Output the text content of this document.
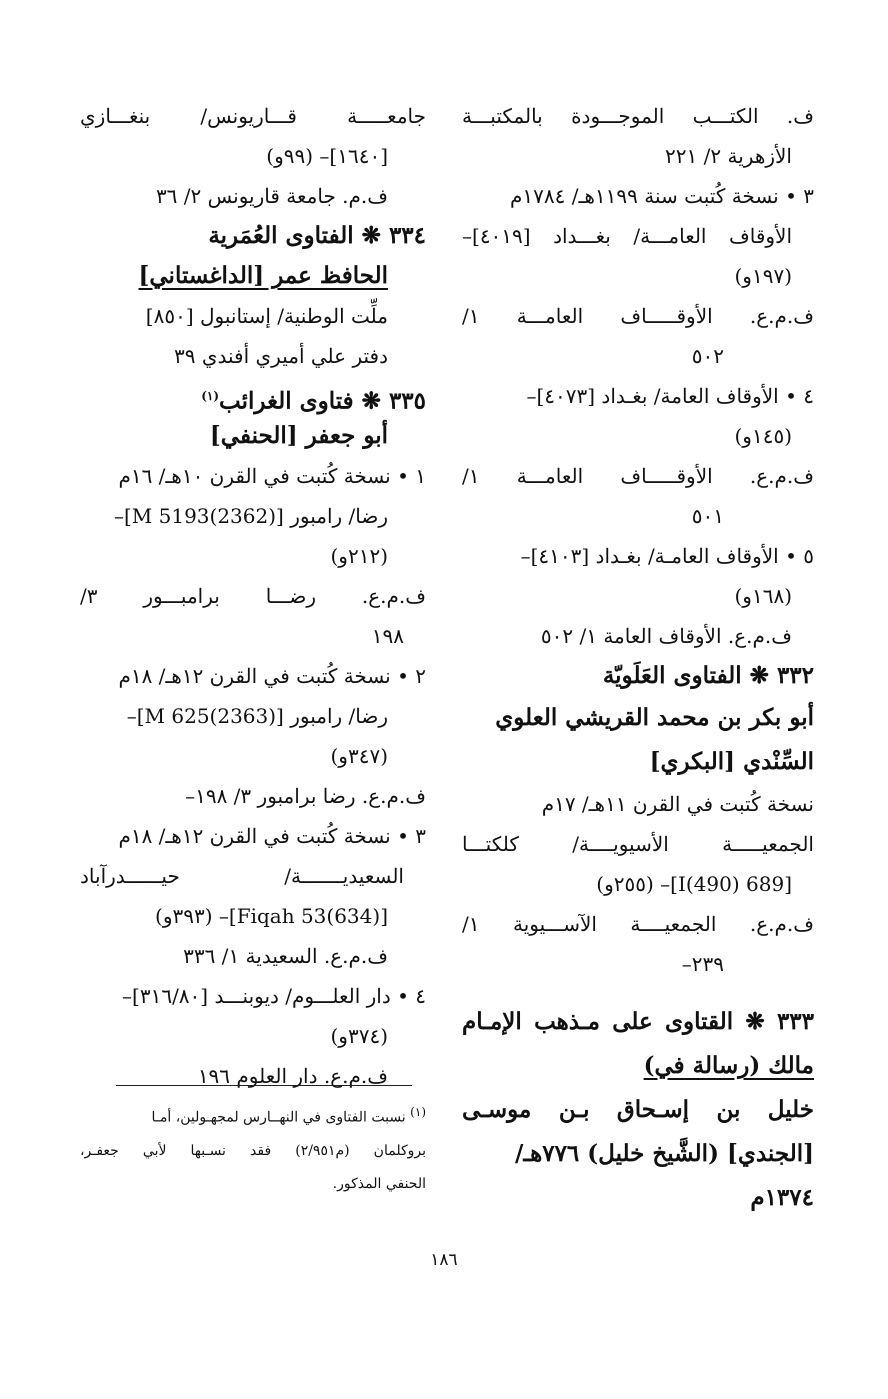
ف. الكتـــب الموجـــودة بالمكتبـــة
الأزهرية ٢/ ٢٢١
٣ • نسخة كُتبت سنة ١١٩٩هـ/ ١٧٨٤م
الأوقاف العامـــة/ بغـــداد [٤٠١٩]–
(١٩٧و)
ف.م.ع. الأوقـــــاف العامـــة ١/
٥٠٢
٤ • الأوقاف العامة/ بغـداد [٤٠٧٣]–
(١٤٥و)
ف.م.ع. الأوقـــــاف العامـــة ١/
٥٠١
٥ • الأوقاف العامـة/ بغـداد [٤١٠٣]–
(١٦٨و)
ف.م.ع. الأوقاف العامة ١/ ٥٠٢
٣٣٢ ❋ الفتاوى العَلَويّة
أبو بكر بن محمد القريشي العلوي
السِّنْدي [البكري]
نسخة كُتبت في القرن ١١هـ/ ١٧م
الجمعيـــــة الأسيويــــة/ كلكتـــا
[689 I(490)]– (٢٥٥و)
ف.م.ع. الجمعيــــة الآســـيوية ١/
٢٣٩–
٣٣٣ ❋ القتاوى على مـذهب الإمـام
مالك (رسالة في)
خليل بن إسـحاق بـن موسـى
[الجندي] (الشَّيخ خليل) ٧٧٦هـ/
١٣٧٤م
جامعـــــة قـــاريونس/ بنغـــازي
[١٦٤٠]– (٩٩و)
ف.م. جامعة قاريونس ٢/ ٣٦
٣٣٤ ❋ الفتاوى العُمَرية
الحافظ عمر [الداغستاني]
ملِّت الوطنية/ إستانبول [٨٥٠]
دفتر علي أميري أفندي ٣٩
٣٣٥ ❋ فتاوى الغرائب$^{(١)}$
أبو جعفر [الحنفي]
١ • نسخة كُتبت في القرن ١٠هـ/ ١٦م
رضا/ رامبور [M 5193(2362)]–
(٢١٢و)
ف.م.ع. رضـــا برامبـــور ٣/
١٩٨
٢ • نسخة كُتبت في القرن ١٢هـ/ ١٨م
رضا/ رامبور [M 625(2363)]–
(٣٤٧و)
ف.م.ع. رضا برامبور ٣/ ١٩٨–
٣ • نسخة كُتبت في القرن ١٢هـ/ ١٨م
السعيديـــــــة/ حيــــــدرآباد
[Fiqah 53(634)]– (٣٩٣و)
ف.م.ع. السعيدية ١/ ٣٣٦
٤ • دار العلـــوم/ ديوبنـــد [٣١٦/٨٠]–
(٣٧٤و)
ف.م.ع. دار العلوم ١٩٦
$^{(١)}$ نسبت الفتاوى في النهــارس لمجهـولين، أمـا
بروكلمان (م٢/٩٥١) فقد نسـبها لأبي جعفـر،
الحنفي المذكور.
١٨٦
